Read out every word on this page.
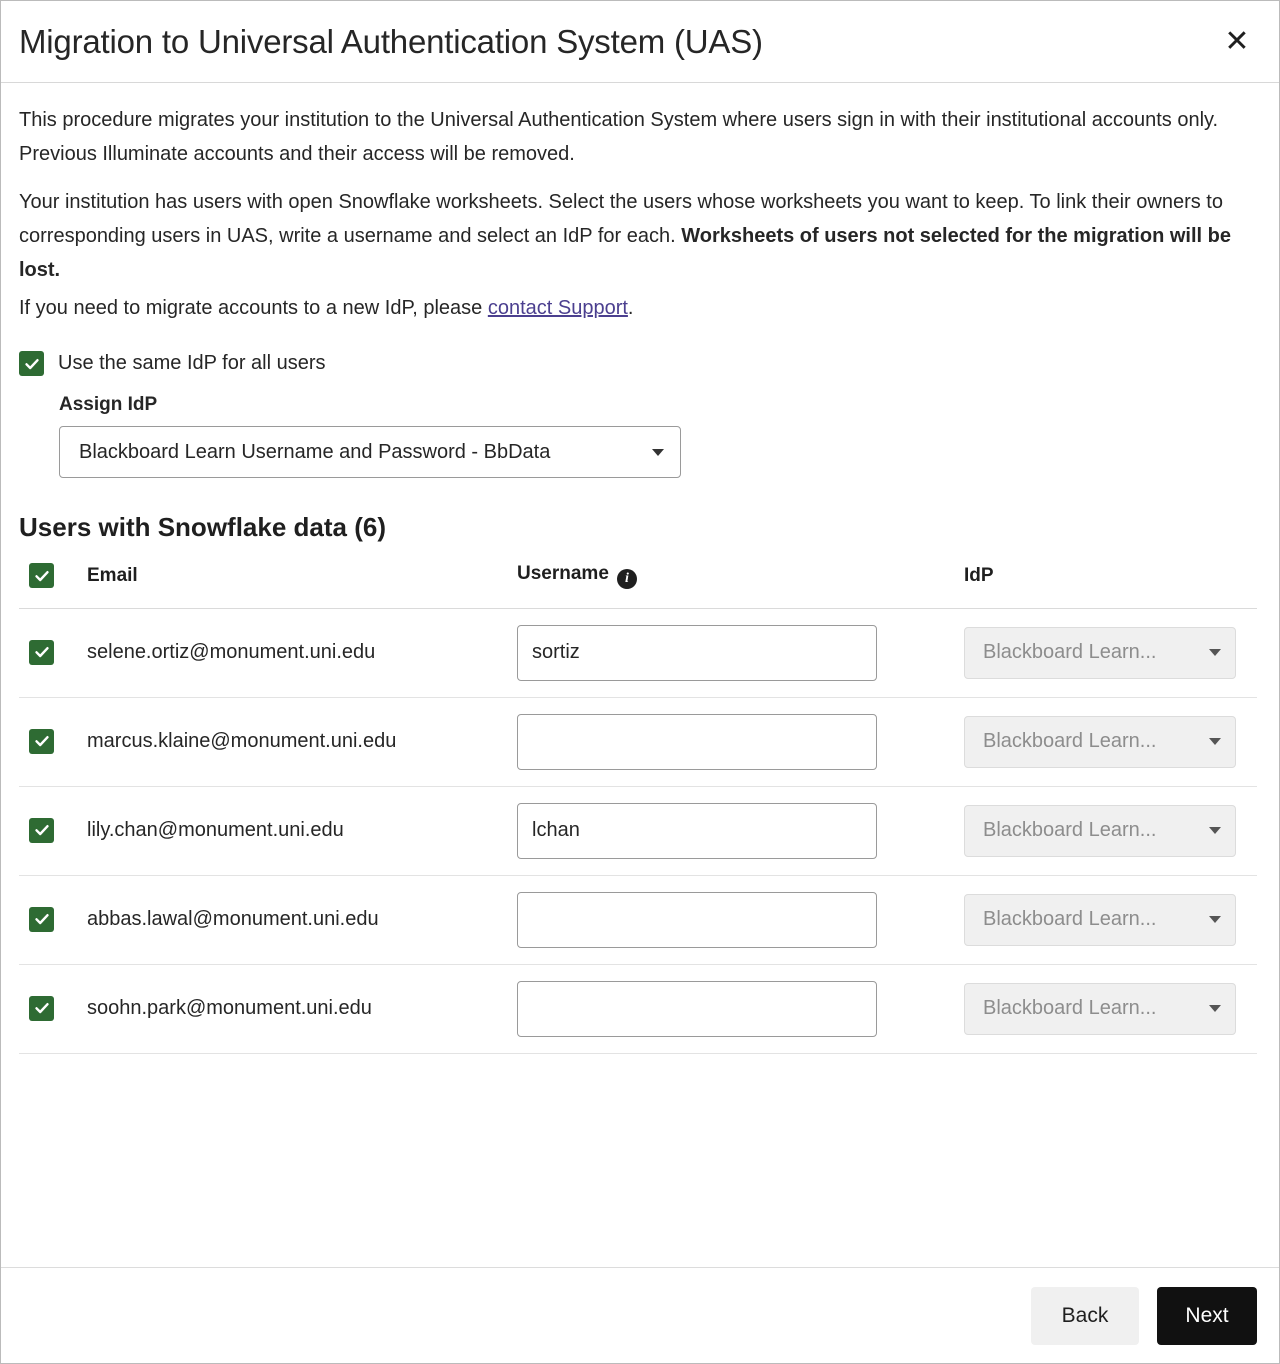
Migration to Universal Authentication System (UAS)	✕

This procedure migrates your institution to the Universal Authentication System where users sign in with their institutional accounts only. Previous Illuminate accounts and their access will be removed.

Your institution has users with open Snowflake worksheets. Select the users whose worksheets you want to keep. To link their owners to corresponding users in UAS, write a username and select an IdP for each. Worksheets of users not selected for the migration will be lost.

If you need to migrate accounts to a new IdP, please contact Support.

Use the same IdP for all users
Assign IdP
Blackboard Learn Username and Password - BbData
Users with Snowflake data (6)
	Email	Username i	IdP

	selene.ortiz@monument.uni.edu	sortiz	Blackboard Learn...

	marcus.klaine@monument.uni.edu		Blackboard Learn...

	lily.chan@monument.uni.edu	lchan	Blackboard Learn...

	abbas.lawal@monument.uni.edu		Blackboard Learn...

	soohn.park@monument.uni.edu		Blackboard Learn...
Back	Next
